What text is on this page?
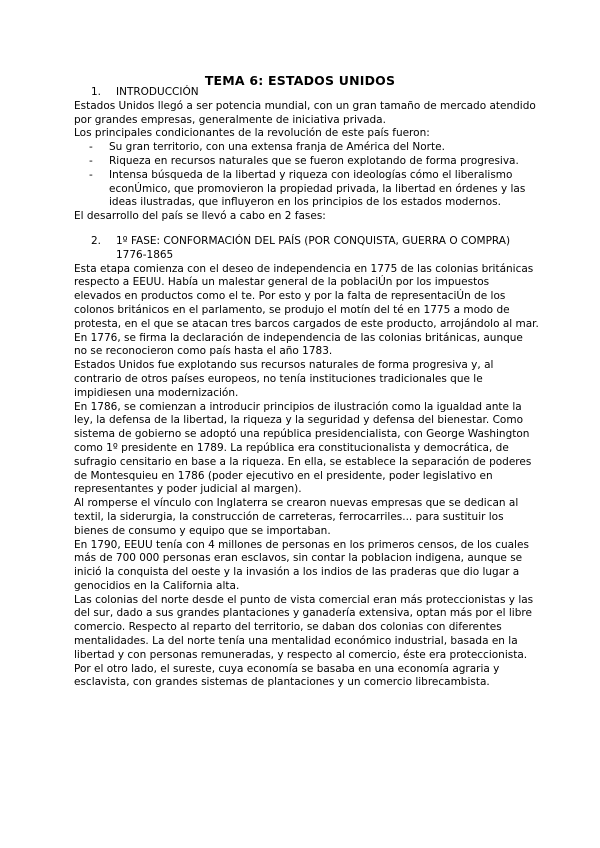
TEMA 6: ESTADOS UNIDOS

1.	INTRODUCCIÓN

Estados Unidos llegó a ser potencia mundial, con un gran tamaño de mercado atendido por grandes empresas, generalmente de iniciativa privada.

Los principales condicionantes de la revolución de este país fueron:

- Su gran territorio, con una extensa franja de América del Norte.
- Riqueza en recursos naturales que se fueron explotando de forma progresiva.
- Intensa búsqueda de la libertad y riqueza con ideologías cómo el liberalismo econÚmico, que promovieron la propiedad privada, la libertad en órdenes y las ideas ilustradas, que influyeron en los principios de los estados modernos.

El desarrollo del país se llevó a cabo en 2 fases:

2.	1º FASE: CONFORMACIÓN DEL PAÍS (POR CONQUISTA, GUERRA O COMPRA) 1776-1865

Esta etapa comienza con el deseo de independencia en 1775 de las colonias británicas respecto a EEUU. Había un malestar general de la poblaciÚn por los impuestos elevados en productos como el te. Por esto y por la falta de representaciÚn de los colonos británicos en el parlamento, se produjo el motín del té en 1775 a modo de protesta, en el que se atacan tres barcos cargados de este producto, arrojándolo al mar.

En 1776, se firma la declaración de independencia de las colonias británicas, aunque no se reconocieron como país hasta el año 1783.

Estados Unidos fue explotando sus recursos naturales de forma progresiva y, al contrario de otros países europeos, no tenía instituciones tradicionales que le impidiesen una modernización.

En 1786, se comienzan a introducir principios de ilustración como la igualdad ante la ley, la defensa de la libertad, la riqueza y la seguridad y defensa del bienestar. Como sistema de gobierno se adoptó una república presidencialista, con George Washington como 1º presidente en 1789. La república era constitucionalista y democrática, de sufragio censitario en base a la riqueza. En ella, se establece la separación de poderes de Montesquieu en 1786 (poder ejecutivo en el presidente, poder legislativo en representantes y poder judicial al margen).

Al romperse el vínculo con Inglaterra se crearon nuevas empresas que se dedican al textil, la siderurgia, la construcción de carreteras, ferrocarriles... para sustituir los bienes de consumo y equipo que se importaban.

En 1790, EEUU tenía con 4 millones de personas en los primeros censos, de los cuales más de 700 000 personas eran esclavos, sin contar la poblacion indigena, aunque se inició la conquista del oeste y la invasión a los indios de las praderas que dio lugar a genocidios en la California alta.

Las colonias del norte desde el punto de vista comercial eran más proteccionistas y las del sur, dado a sus grandes plantaciones y ganadería extensiva, optan más por el libre comercio. Respecto al reparto del territorio, se daban dos colonias con diferentes mentalidades. La del norte tenía una mentalidad económico industrial, basada en la libertad y con personas remuneradas, y respecto al comercio, éste era proteccionista.

Por el otro lado, el sureste, cuya economía se basaba en una economía agraria y esclavista, con grandes sistemas de plantaciones y un comercio librecambista.
